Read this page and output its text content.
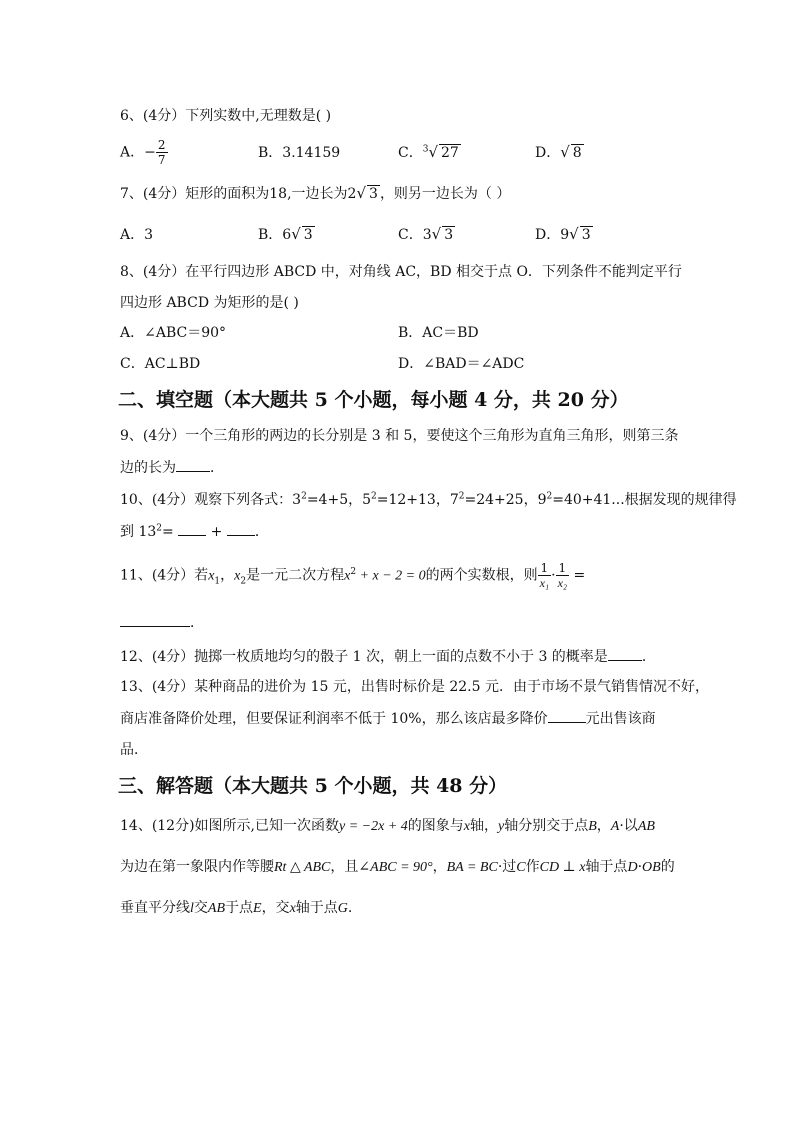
6、(4分）下列实数中,无理数是( )
A．− $\frac{2}{7}$	B．3.14159	C．$^3$√ 27	D．√ 8
7、(4分）矩形的面积为18,一边长为2√ 3 ，则另一边长为（ ）
A．3	B．6√ 3	C．3√ 3	D．9√ 3
8、(4分）在平行四边形 ABCD 中，对角线 AC，BD 相交于点 O．下列条件不能判定平行
四边形 ABCD 为矩形的是( )
A．∠ABC＝90°	B．AC＝BD
C．AC⊥BD	D．∠BAD＝∠ADC
二、填空题（本大题共 5 个小题，每小题 4 分，共 20 分）
9、(4分）一个三角形的两边的长分别是 3 和 5，要使这个三角形为直角三角形，则第三条
边的长为 ．
10、(4分）观察下列各式：$3^2=4+5$，$5^2=12+13$，$7^2=24+25$，$9^2=40+41$...根据发现的规律得
到 $13^2=$  + ．
11、(4分）若$x_1$，$x_2$是一元二次方程$x^2 + x - 2 = 0$的两个实数根，则 $\frac{1}{\text{x₁}} \cdot \frac{1}{\text{x₂}}$ =
．
12、(4分）抛掷一枚质地均匀的骰子 1 次，朝上一面的点数不小于 3 的概率是 ．
13、(4分）某种商品的进价为 15 元，出售时标价是 22.5 元．由于市场不景气销售情况不好，
商店准备降价处理，但要保证利润率不低于 10%，那么该店最多降价	元出售该商
品．
三、解答题（本大题共 5 个小题，共 48 分）
14、(12分)如图所示,已知一次函数y = −2x + 4的图象与x轴，y轴分别交于点B，A·以AB
为边在第一象限内作等腰Rt △ ABC，且∠ABC = 90°，BA = BC·过C作CD ⊥ x轴于点D·OB的
垂直平分线l交AB于点E，交x轴于点G.
